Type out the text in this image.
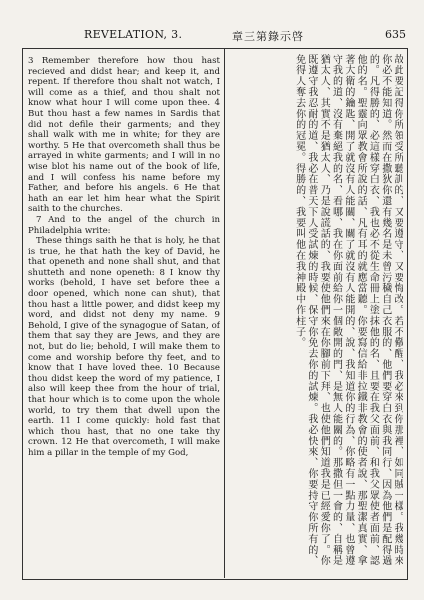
REVELATION, 3.	章三第錄示啓	635

3 Remember therefore how thou hast recieved and didst hear; and keep it, and repent. If therefore thou shalt not watch, I will come as a thief, and thou shalt not know what hour I will come upon thee. 4 But thou hast a few names in Sardis that did not defile their garments; and they shall walk with me in white; for they are worthy. 5 He that overcometh shall thus be arrayed in white garments; and I will in no wise blot his name out of the book of life, and I will confess his name before my Father, and before his angels. 6 He that hath an ear let him hear what the Spirit saith to the churches.

7 And to the angel of the church in Philadelphia write:

These things saith he that is holy, he that is true, he that hath the key of David, he that openeth and none shall shut, and that shutteth and none openeth: 8 I know thy works (behold, I have set before thee a door opened, which none can shut), that thou hast a little power, and didst keep my word, and didst not deny my name. 9 Behold, I give of the synagogue of Satan, of them that say they are Jews, and they are not, but do lie; behold, I will make them to come and worship before thy feet, and to know that I have loved thee. 10 Because thou didst keep the word of my patience, I also will keep thee from the hour of trial, that hour which is to come upon the whole world, to try them that dwell upon the earth. 11 I come quickly: hold fast that which thou hast, that no one take thy crown. 12 He that overcometh, I will make him a pillar in the temple of my God,	故此要記得你所領受所聽訓的、又要遵守、又要悔改。若不儆醒、我必來到你那裡、如同賊一樣。我幾時來你必不能知道。然而在撒狄你還有幾名是未曾污穢自己衣服的、他們要穿白衣與我同行、因為他們是配得過的。凡得勝的、必這樣穿白衣、我也必不從生命冊上塗抹他的名、且要在我父面前、和我父眾使者面前、認他的名。聖靈向眾教會所說的話、凡有耳的就應當聽。你要寫信給非拉鐵非教會的使者說、那聖潔真實、拿著大衛的鑰匙、開了就沒有人能關、關了就沒有人能開的、說、我知道你的行為、你略有一點力量、也曾遵守我的道、沒有棄絕我的名、看哪、我在你面前給你一個敞開的門、是無人能關的。那撒但一會的、自稱是猶太人、其實不是猶太人、乃是說謊話的、我要使他們來在你腳前下拜、也使他們知道我是已經愛你了。你既遵守我忍耐的道、我必在普天下人受試煉的時候、保守你免去你的試煉。我必快來、你要持守你所有的、免得人奪去你的冠冕。得勝的、我要叫他在我神殿中作柱子。
